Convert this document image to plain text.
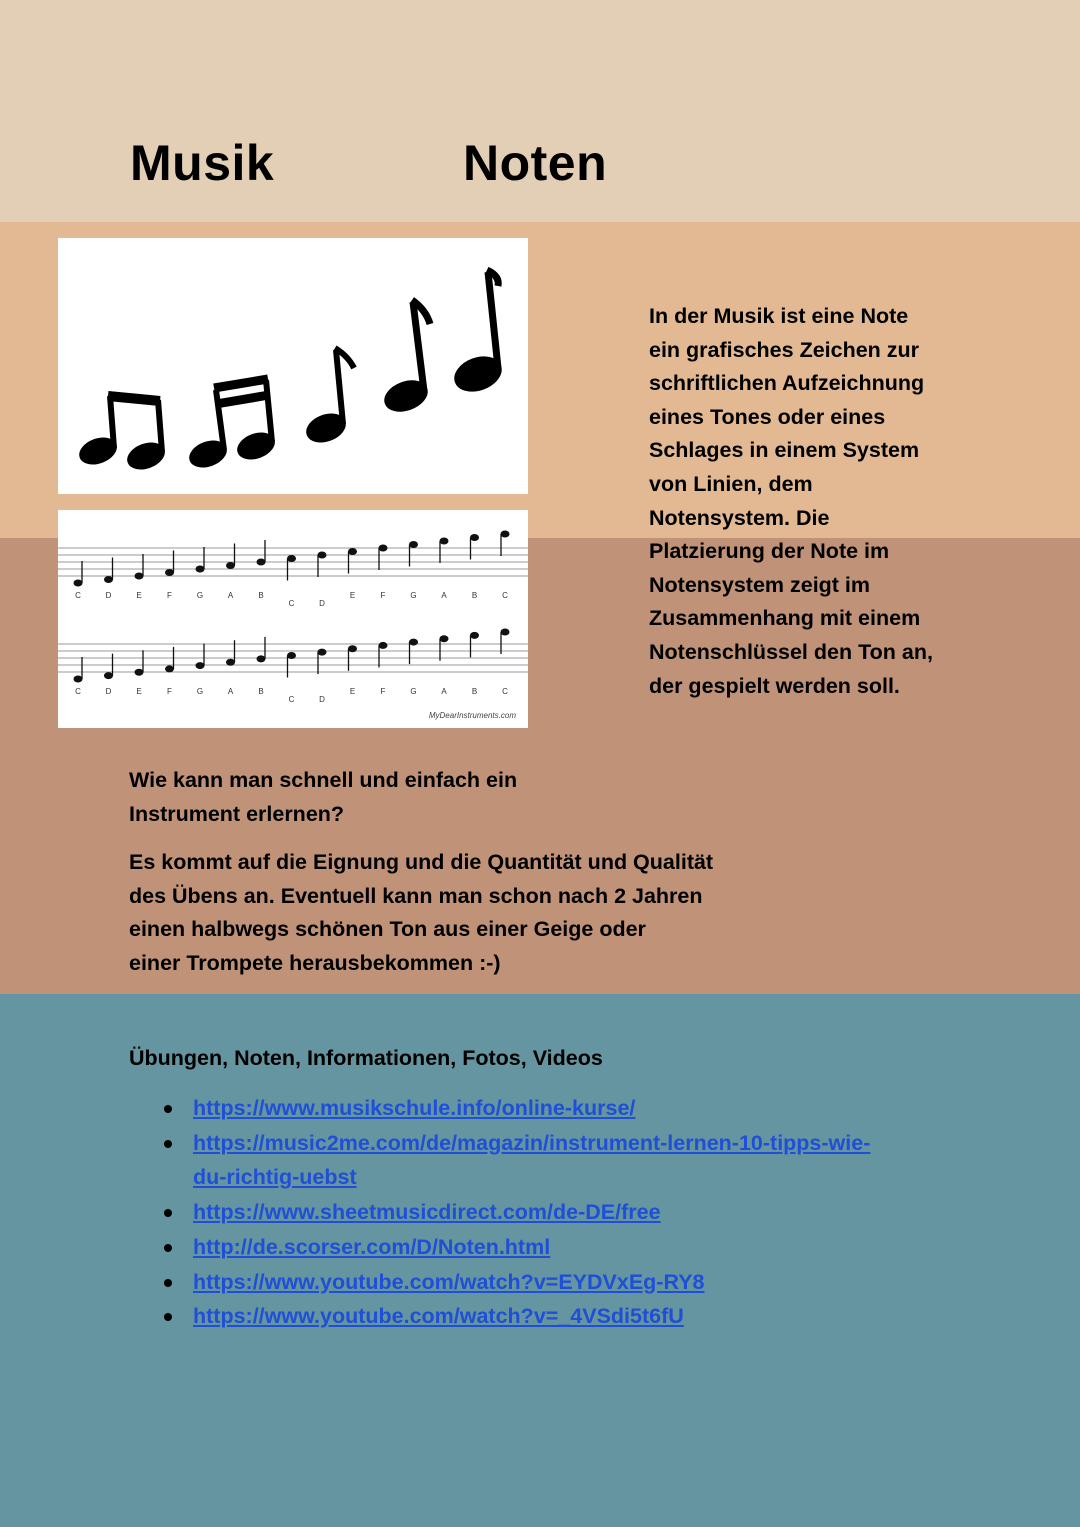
Musik	Noten
C	D	E	F	G	A	B
C	D
E	F	G	A	B	C
C	D	E	F	G	A	B
C	D
E	F	G	A	B	C
MyDearInstruments.com

In der Musik ist eine Note
ein grafisches Zeichen zur
schriftlichen Aufzeichnung
eines Tones oder eines
Schlages in einem System
von Linien, dem
Notensystem. Die
Platzierung der Note im
Notensystem zeigt im
Zusammenhang mit einem
Notenschlüssel den Ton an,
der gespielt werden soll.

Wie kann man schnell und einfach ein
Instrument erlernen?

Es kommt auf die Eignung und die Quantität und Qualität
des Übens an. Eventuell kann man schon nach 2 Jahren
einen halbwegs schönen Ton aus einer Geige oder
einer Trompete herausbekommen :-)

Übungen, Noten, Informationen, Fotos, Videos

https://www.musikschule.info/online-kurse/
https://music2me.com/de/magazin/instrument-lernen-10-tipps-wie-
du-richtig-uebst
https://www.sheetmusicdirect.com/de-DE/free
http://de.scorser.com/D/Noten.html
https://www.youtube.com/watch?v=EYDVxEg-RY8
https://www.youtube.com/watch?v=_4VSdi5t6fU
